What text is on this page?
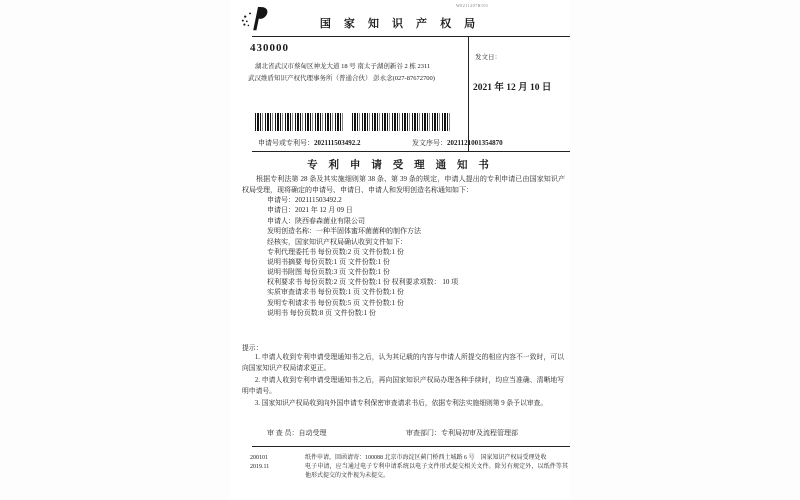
国 家 知 识 产 权 局
W0211207H101
430000
湖北省武汉市蔡甸区神龙大道 18 号 南太子湖创新谷 2 栋 2311
武汉维盾知识产权代理事务所（普通合伙） 彭永念(027-87672700)
发文日：
2021 年 12 月 10 日
申请号或专利号：202111503492.2	发文序号：2021121001354870
专 利 申 请 受 理 通 知 书
根据专利法第 28 条及其实施细则第 38 条、第 39 条的规定，申请人提出的专利申请已由国家知识产权局受理，现将确定的申请号、申请日、申请人和发明创造名称通知如下：
申请号：202111503492.2
申请日：2021 年 12 月 09 日
申请人：陕西春森菌业有限公司
发明创造名称：一种半固体蜜环菌菌种的制作方法
经核实，国家知识产权局确认收到文件如下：
专利代理委托书 每份页数:2 页 文件份数:1 份
说明书摘要 每份页数:1 页 文件份数:1 份
说明书附图 每份页数:3 页 文件份数:1 份
权利要求书 每份页数:2 页 文件份数:1 份 权利要求项数： 10 项
实质审查请求书 每份页数:1 页 文件份数:1 份
发明专利请求书 每份页数:5 页 文件份数:1 份
说明书 每份页数:8 页 文件份数:1 份
提示：

1. 申请人收到专利申请受理通知书之后，认为其记载的内容与申请人所提交的相应内容不一致时，可以向国家知识产权局请求更正。

2. 申请人收到专利申请受理通知书之后，再向国家知识产权局办理各种手续时，均应当准确、清晰地写明申请号。

3. 国家知识产权局收到向外国申请专利保密审查请求书后，依据专利法实施细则第 9 条予以审查。

审 查 员：自动受理	审查部门：专利局初审及流程管理部

200101

2019.11

纸件申请，回函请寄：100088 北京市海淀区蓟门桥西土城路 6 号　国家知识产权局受理处收

电子申请，应当通过电子专利申请系统以电子文件形式提交相关文件。除另有规定外，以纸件等其他形式提交的文件视为未提交。
